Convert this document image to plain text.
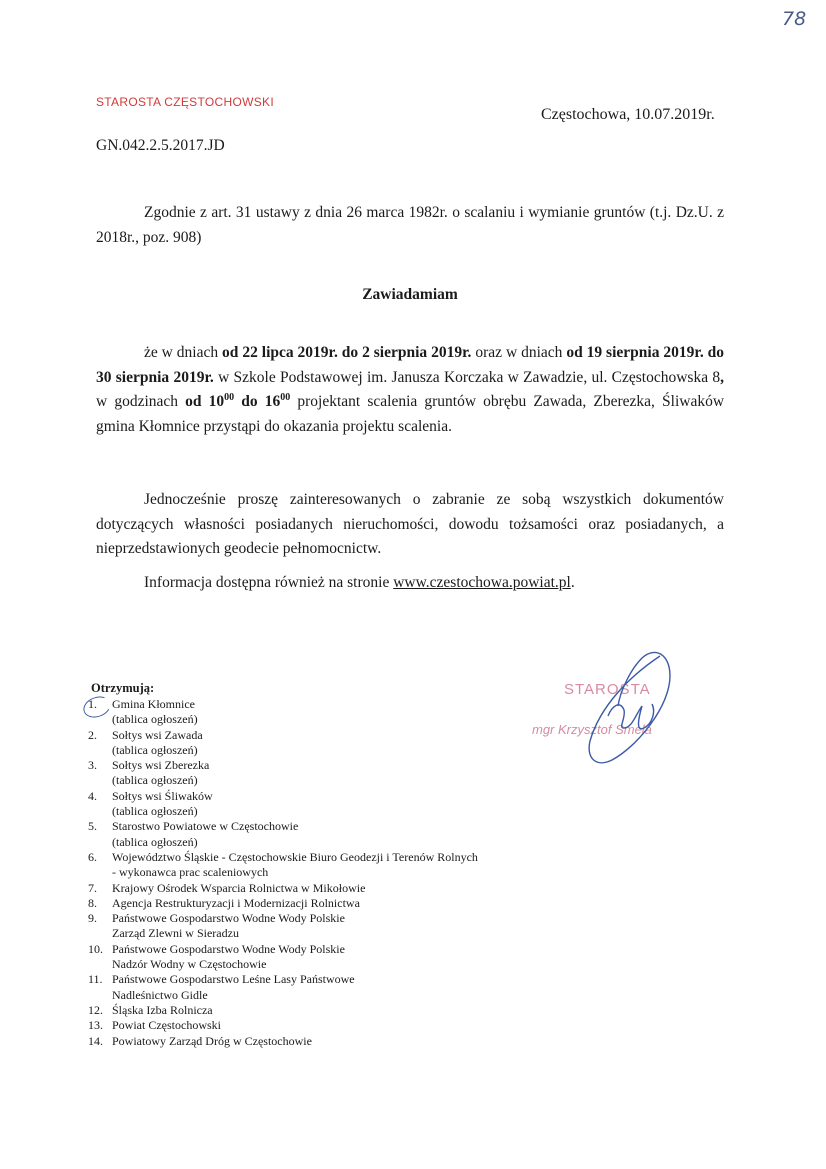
78
STAROSTA CZĘSTOCHOWSKI
Częstochowa, 10.07.2019r.
GN.042.2.5.2017.JD
Zgodnie z art. 31 ustawy z dnia 26 marca 1982r. o scalaniu i wymianie gruntów (t.j. Dz.U. z 2018r., poz. 908)
Zawiadamiam
że w dniach od 22 lipca 2019r. do 2 sierpnia 2019r. oraz w dniach od 19 sierpnia 2019r. do 30 sierpnia 2019r. w Szkole Podstawowej im. Janusza Korczaka w Zawadzie, ul. Częstochowska 8, w godzinach od $10^{00}$ do $16^{00}$ projektant scalenia gruntów obrębu Zawada, Zberezka, Śliwaków gmina Kłomnice przystąpi do okazania projektu scalenia.
Jednocześnie proszę zainteresowanych o zabranie ze sobą wszystkich dokumentów dotyczących własności posiadanych nieruchomości, dowodu tożsamości oraz posiadanych, a nieprzedstawionych geodecie pełnomocnictw.
Informacja dostępna również na stronie www.czestochowa.powiat.pl.
STAROSTA
mgr Krzysztof Smela
Otrzymują:
1.	Gmina Kłomnice
(tablica ogłoszeń)
2.	Sołtys wsi Zawada
(tablica ogłoszeń)
3.	Sołtys wsi Zberezka
(tablica ogłoszeń)
4.	Sołtys wsi Śliwaków
(tablica ogłoszeń)
5.	Starostwo Powiatowe w Częstochowie
(tablica ogłoszeń)
6.	Województwo Śląskie - Częstochowskie Biuro Geodezji i Terenów Rolnych
- wykonawca prac scaleniowych
7.	Krajowy Ośrodek Wsparcia Rolnictwa w Mikołowie
8.	Agencja Restrukturyzacji i Modernizacji Rolnictwa
9.	Państwowe Gospodarstwo Wodne Wody Polskie
Zarząd Zlewni w Sieradzu
10. Państwowe Gospodarstwo Wodne Wody Polskie
Nadzór Wodny w Częstochowie
11. Państwowe Gospodarstwo Leśne Lasy Państwowe
Nadleśnictwo Gidle
12. Śląska Izba Rolnicza
13. Powiat Częstochowski
14. Powiatowy Zarząd Dróg w Częstochowie
